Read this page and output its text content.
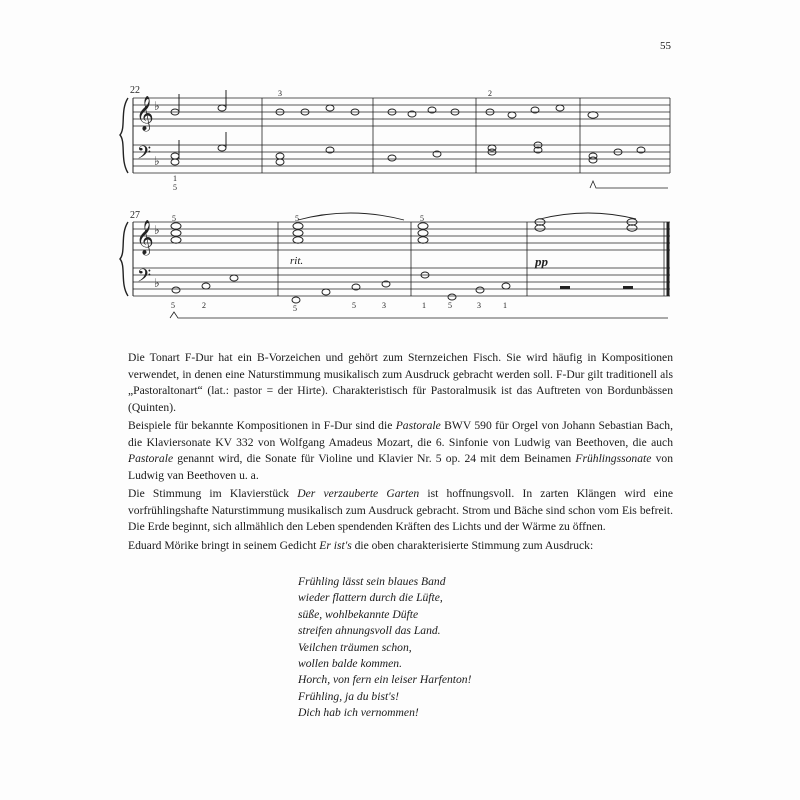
55
𝄞
𝄢
♭
♭
𝄞
𝄢
♭
♭
22	3	2
1
5
27	5	5	5
5	2	5	5	3	1	5	3	1
rit.	pp

Die Tonart F-Dur hat ein B-Vorzeichen und gehört zum Sternzeichen Fisch. Sie wird häufig in Kompositionen verwendet, in denen eine Naturstimmung musikalisch zum Ausdruck gebracht werden soll. F-Dur gilt traditionell als „Pastoraltonart“ (lat.: pastor = der Hirte). Charakteristisch für Pastoralmusik ist das Auftreten von Bordunbässen (Quinten).

Beispiele für bekannte Kompositionen in F-Dur sind die Pastorale BWV 590 für Orgel von Johann Sebastian Bach, die Klaviersonate KV 332 von Wolfgang Amadeus Mozart, die 6. Sinfonie von Ludwig van Beethoven, die auch Pastorale genannt wird, die Sonate für Violine und Klavier Nr. 5 op. 24 mit dem Beinamen Frühlingssonate von Ludwig van Beethoven u. a.

Die Stimmung im Klavierstück Der verzauberte Garten ist hoffnungsvoll. In zarten Klängen wird eine vorfrühlingshafte Naturstimmung musikalisch zum Ausdruck gebracht. Strom und Bäche sind schon vom Eis befreit. Die Erde beginnt, sich allmählich den Leben spendenden Kräften des Lichts und der Wärme zu öffnen.

Eduard Mörike bringt in seinem Gedicht Er ist's die oben charakterisierte Stimmung zum Ausdruck:

Frühling lässt sein blaues Band
wieder flattern durch die Lüfte,
süße, wohlbekannte Düfte
streifen ahnungsvoll das Land.
Veilchen träumen schon,
wollen balde kommen.
Horch, von fern ein leiser Harfenton!
Frühling, ja du bist's!
Dich hab ich vernommen!
